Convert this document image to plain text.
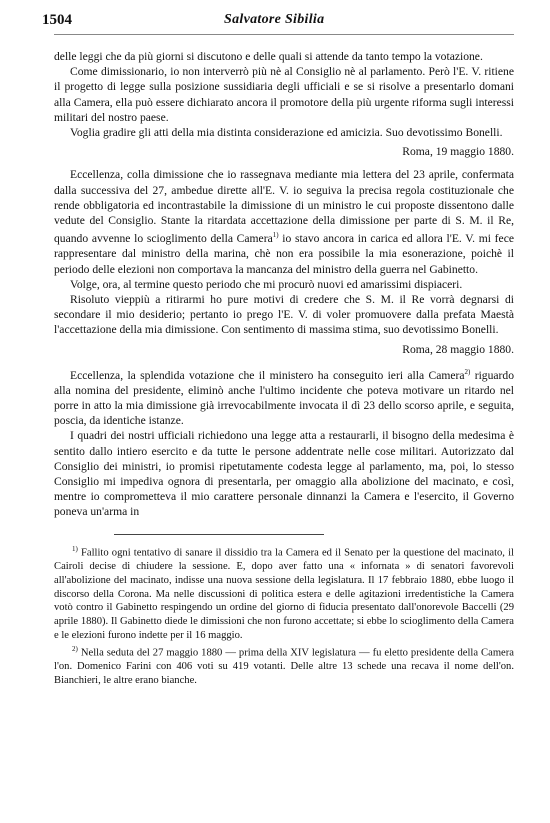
1504	Salvatore Sibilia

delle leggi che da più giorni si discutono e delle quali si attende da tanto tempo la votazione.

Come dimissionario, io non interverrò più nè al Consiglio nè al parlamento. Però l'E. V. ritiene il progetto di legge sulla posizione sussidiaria degli ufficiali e se si risolve a presentarlo domani alla Camera, ella può essere dichiarato ancora il promotore della più urgente riforma sugli interessi militari del nostro paese.

Voglia gradire gli atti della mia distinta considerazione ed amicizia. Suo devotissimo Bonelli.

Roma, 19 maggio 1880.

Eccellenza, colla dimissione che io rassegnava mediante mia lettera del 23 aprile, confermata dalla successiva del 27, ambedue dirette all'E. V. io seguiva la precisa regola costituzionale che rende obbligatoria ed incontrastabile la dimissione di un ministro le cui proposte dissentono dalle vedute del Consiglio. Stante la ritardata accettazione della dimissione per parte di S. M. il Re, quando avvenne lo scioglimento della Camera$^{1)}$ io stavo ancora in carica ed allora l'E. V. mi fece rappresentare dal ministro della marina, chè non era possibile la mia esonerazione, poichè il periodo delle elezioni non comportava la mancanza del ministro della guerra nel Gabinetto.

Volge, ora, al termine questo periodo che mi procurò nuovi ed amarissimi dispiaceri.

Risoluto vieppiù a ritirarmi ho pure motivi di credere che S. M. il Re vorrà degnarsi di secondare il mio desiderio; pertanto io prego l'E. V. di voler promuovere dalla prefata Maestà l'accettazione della mia dimissione. Con sentimento di massima stima, suo devotissimo Bonelli.

Roma, 28 maggio 1880.

Eccellenza, la splendida votazione che il ministero ha conseguito ieri alla Camera$^{2)}$ riguardo alla nomina del presidente, eliminò anche l'ultimo incidente che poteva motivare un ritardo nel porre in atto la mia dimissione già irrevocabilmente invocata il dì 23 dello scorso aprile, e seguita, poscia, da identiche istanze.

I quadri dei nostri ufficiali richiedono una legge atta a restaurarli, il bisogno della medesima è sentito dallo intiero esercito e da tutte le persone addentrate nelle cose militari. Autorizzato dal Consiglio dei ministri, io promisi ripetutamente codesta legge al parlamento, ma, poi, lo stesso Consiglio mi impediva ognora di presentarla, per omaggio alla abolizione del macinato, e così, mentre io compromettevа il mio carattere personale dinnanzi la Camera e l'esercito, il Governo poneva un'arma in

$^{1)}$ Fallito ogni tentativo di sanare il dissidio tra la Camera ed il Senato per la questione del macinato, il Cairoli decise di chiudere la sessione. E, dopo aver fatto una « infornata » di senatori favorevoli all'abolizione del macinato, indisse una nuova sessione della legislatura. Il 17 febbraio 1880, ebbe luogo il discorso della Corona. Ma nelle discussioni di politica estera e delle agitazioni irredentistiche la Camera votò contro il Gabinetto respingendo un ordine del giorno di fiducia presentato dall'onorevole Baccelli (29 aprile 1880). Il Gabinetto diede le dimissioni che non furono accettate; si ebbe lo scioglimento della Camera e le elezioni furono indette per il 16 maggio.

$^{2)}$ Nella seduta del 27 maggio 1880 — prima della XIV legislatura — fu eletto presidente della Camera l'on. Domenico Farini con 406 voti su 419 votanti. Delle altre 13 schede una recava il nome dell'on. Bianchieri, le altre erano bianche.
